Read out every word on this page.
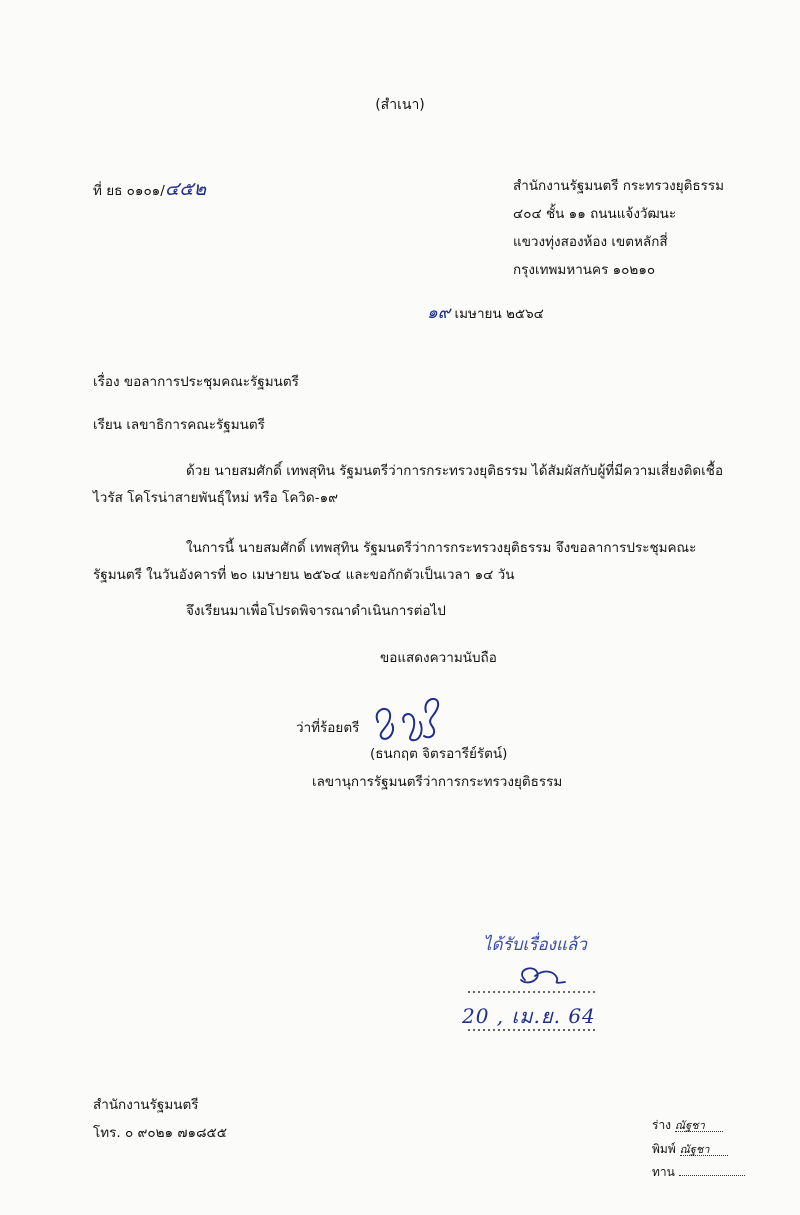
(สำเนา)
ที่ ยธ ๐๑๐๑/๔๕๒	สำนักงานรัฐมนตรี กระทรวงยุติธรรม
๔๐๔ ชั้น ๑๑ ถนนแจ้งวัฒนะ
แขวงทุ่งสองห้อง เขตหลักสี่
กรุงเทพมหานคร ๑๐๒๑๐
๑๙ เมษายน ๒๕๖๔
เรื่อง ขอลาการประชุมคณะรัฐมนตรี
เรียน เลขาธิการคณะรัฐมนตรี
ด้วย นายสมศักดิ์ เทพสุทิน รัฐมนตรีว่าการกระทรวงยุติธรรม ได้สัมผัสกับผู้ที่มีความเสี่ยงติดเชื้อไวรัส โคโรน่าสายพันธุ์ใหม่ หรือ โควิด-๑๙
ในการนี้ นายสมศักดิ์ เทพสุทิน รัฐมนตรีว่าการกระทรวงยุติธรรม จึงขอลาการประชุมคณะรัฐมนตรี ในวันอังคารที่ ๒๐ เมษายน ๒๕๖๔ และขอกักตัวเป็นเวลา ๑๔ วัน
จึงเรียนมาเพื่อโปรดพิจารณาดำเนินการต่อไป
ขอแสดงความนับถือ
ว่าที่ร้อยตรี
(ธนกฤต จิตรอารีย์รัตน์)
เลขานุการรัฐมนตรีว่าการกระทรวงยุติธรรม
ได้รับเรื่องแล้ว
20 , เม.ย. 64
สำนักงานรัฐมนตรี
โทร. ๐ ๙๐๒๑ ๗๑๘๕๕	ร่าง ณัฐชา
พิมพ์ ณัฐชา
ทาน
